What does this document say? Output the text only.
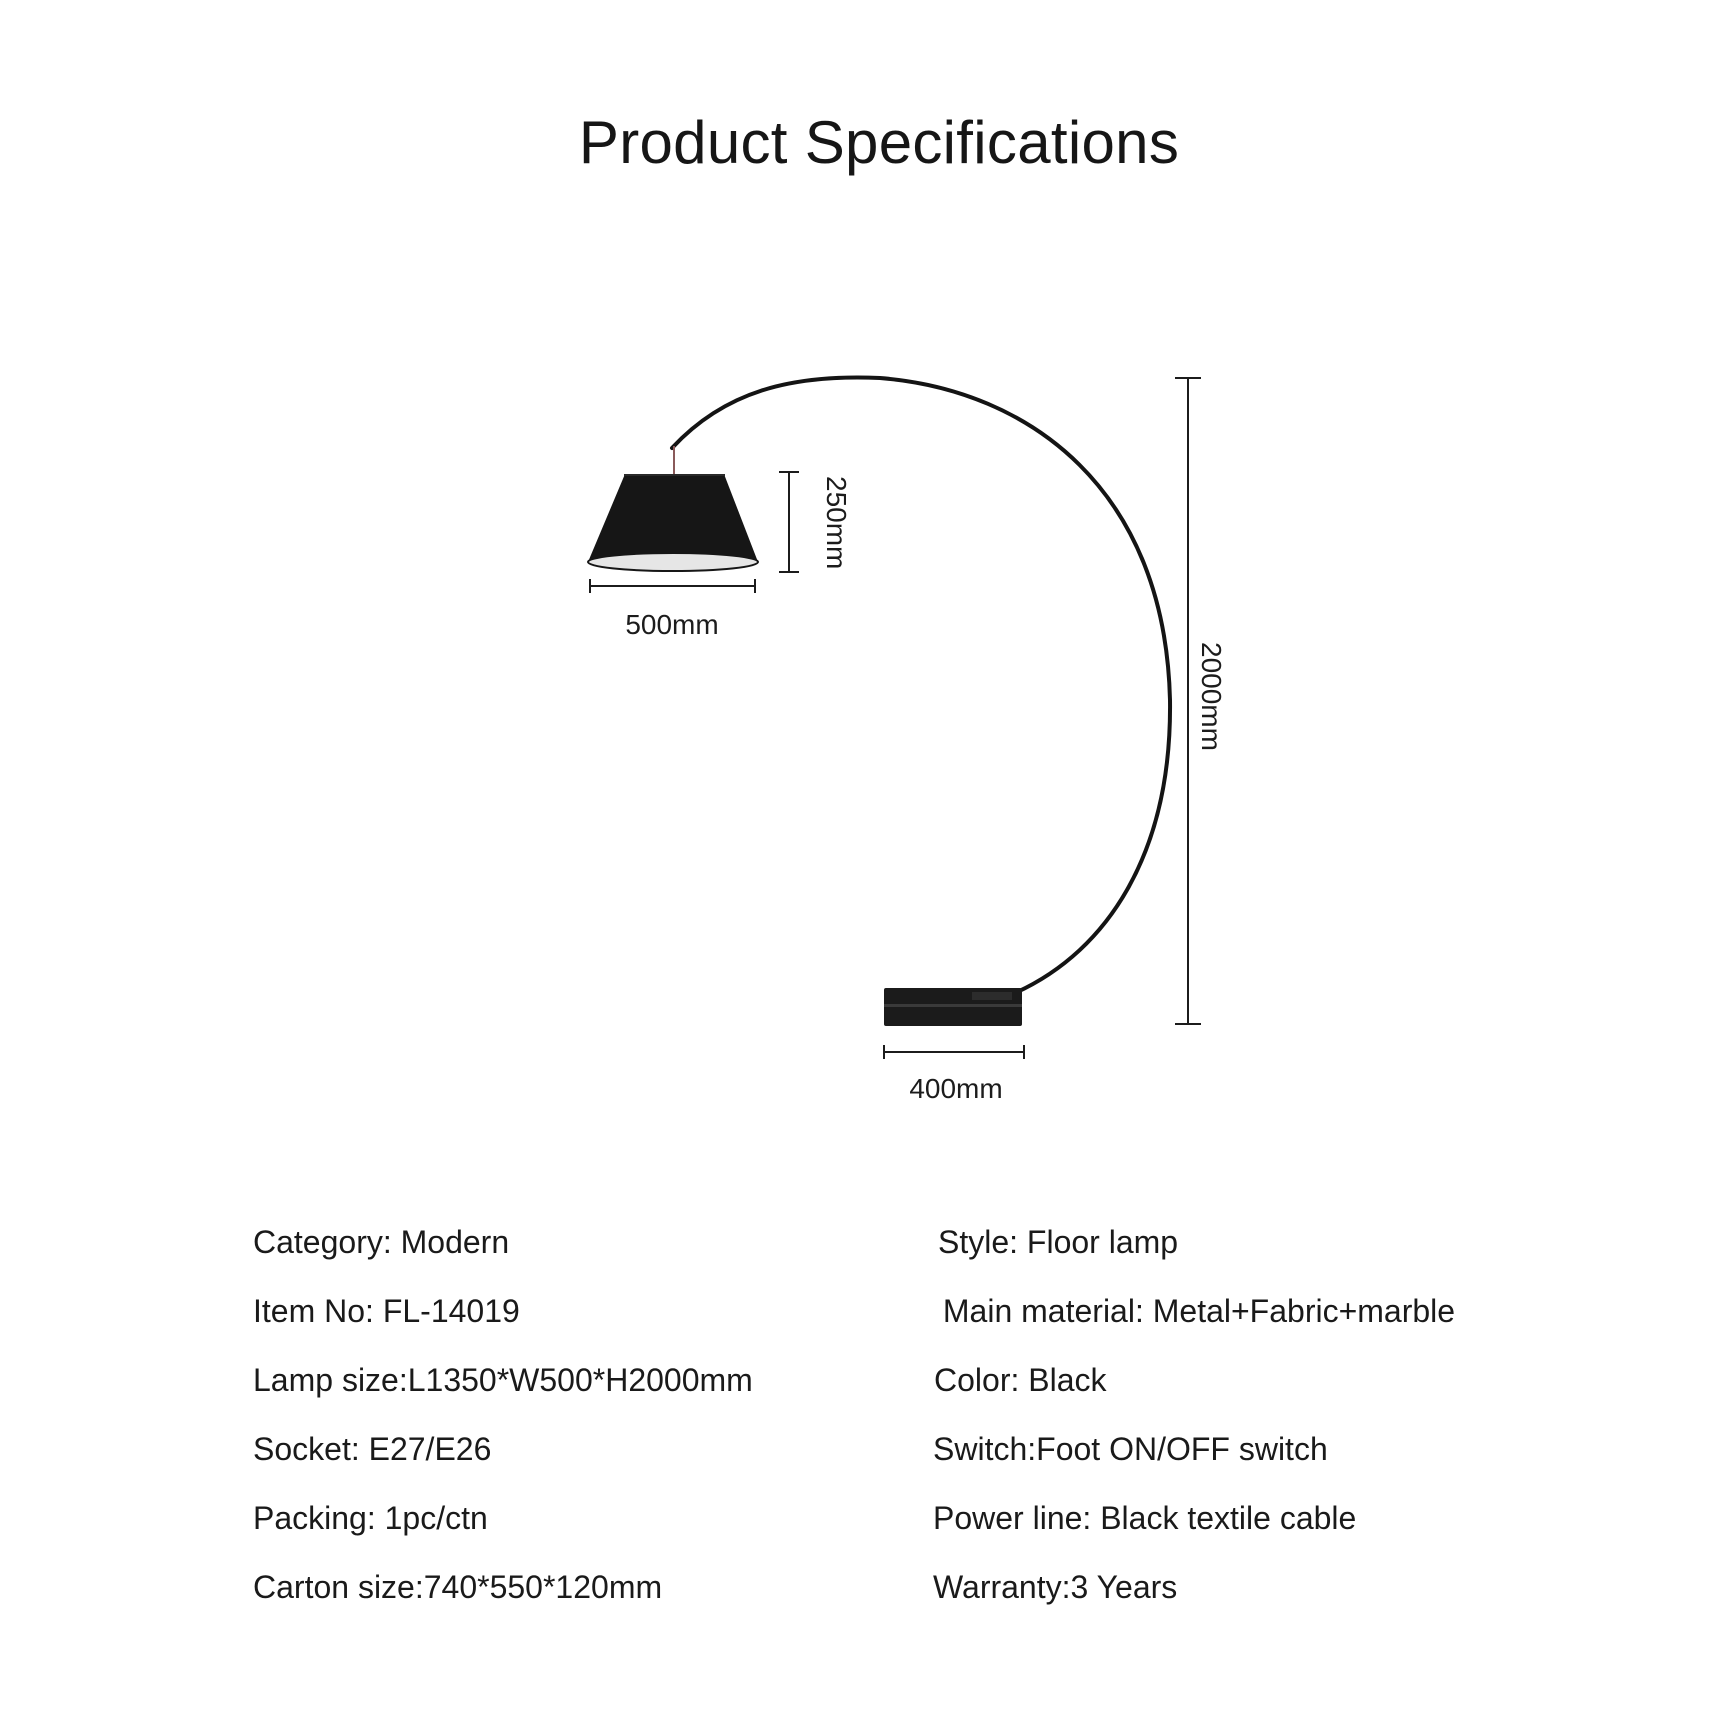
Product Specifications
250mm
500mm
2000mm
400mm
Category: Modern
Item No: FL-14019
Lamp size:L1350*W500*H2000mm
Socket: E27/E26
Packing: 1pc/ctn
Carton size:740*550*120mm
Style: Floor lamp
Main material: Metal+Fabric+marble
Color: Black
Switch:Foot ON/OFF switch
Power line: Black textile cable
Warranty:3 Years
